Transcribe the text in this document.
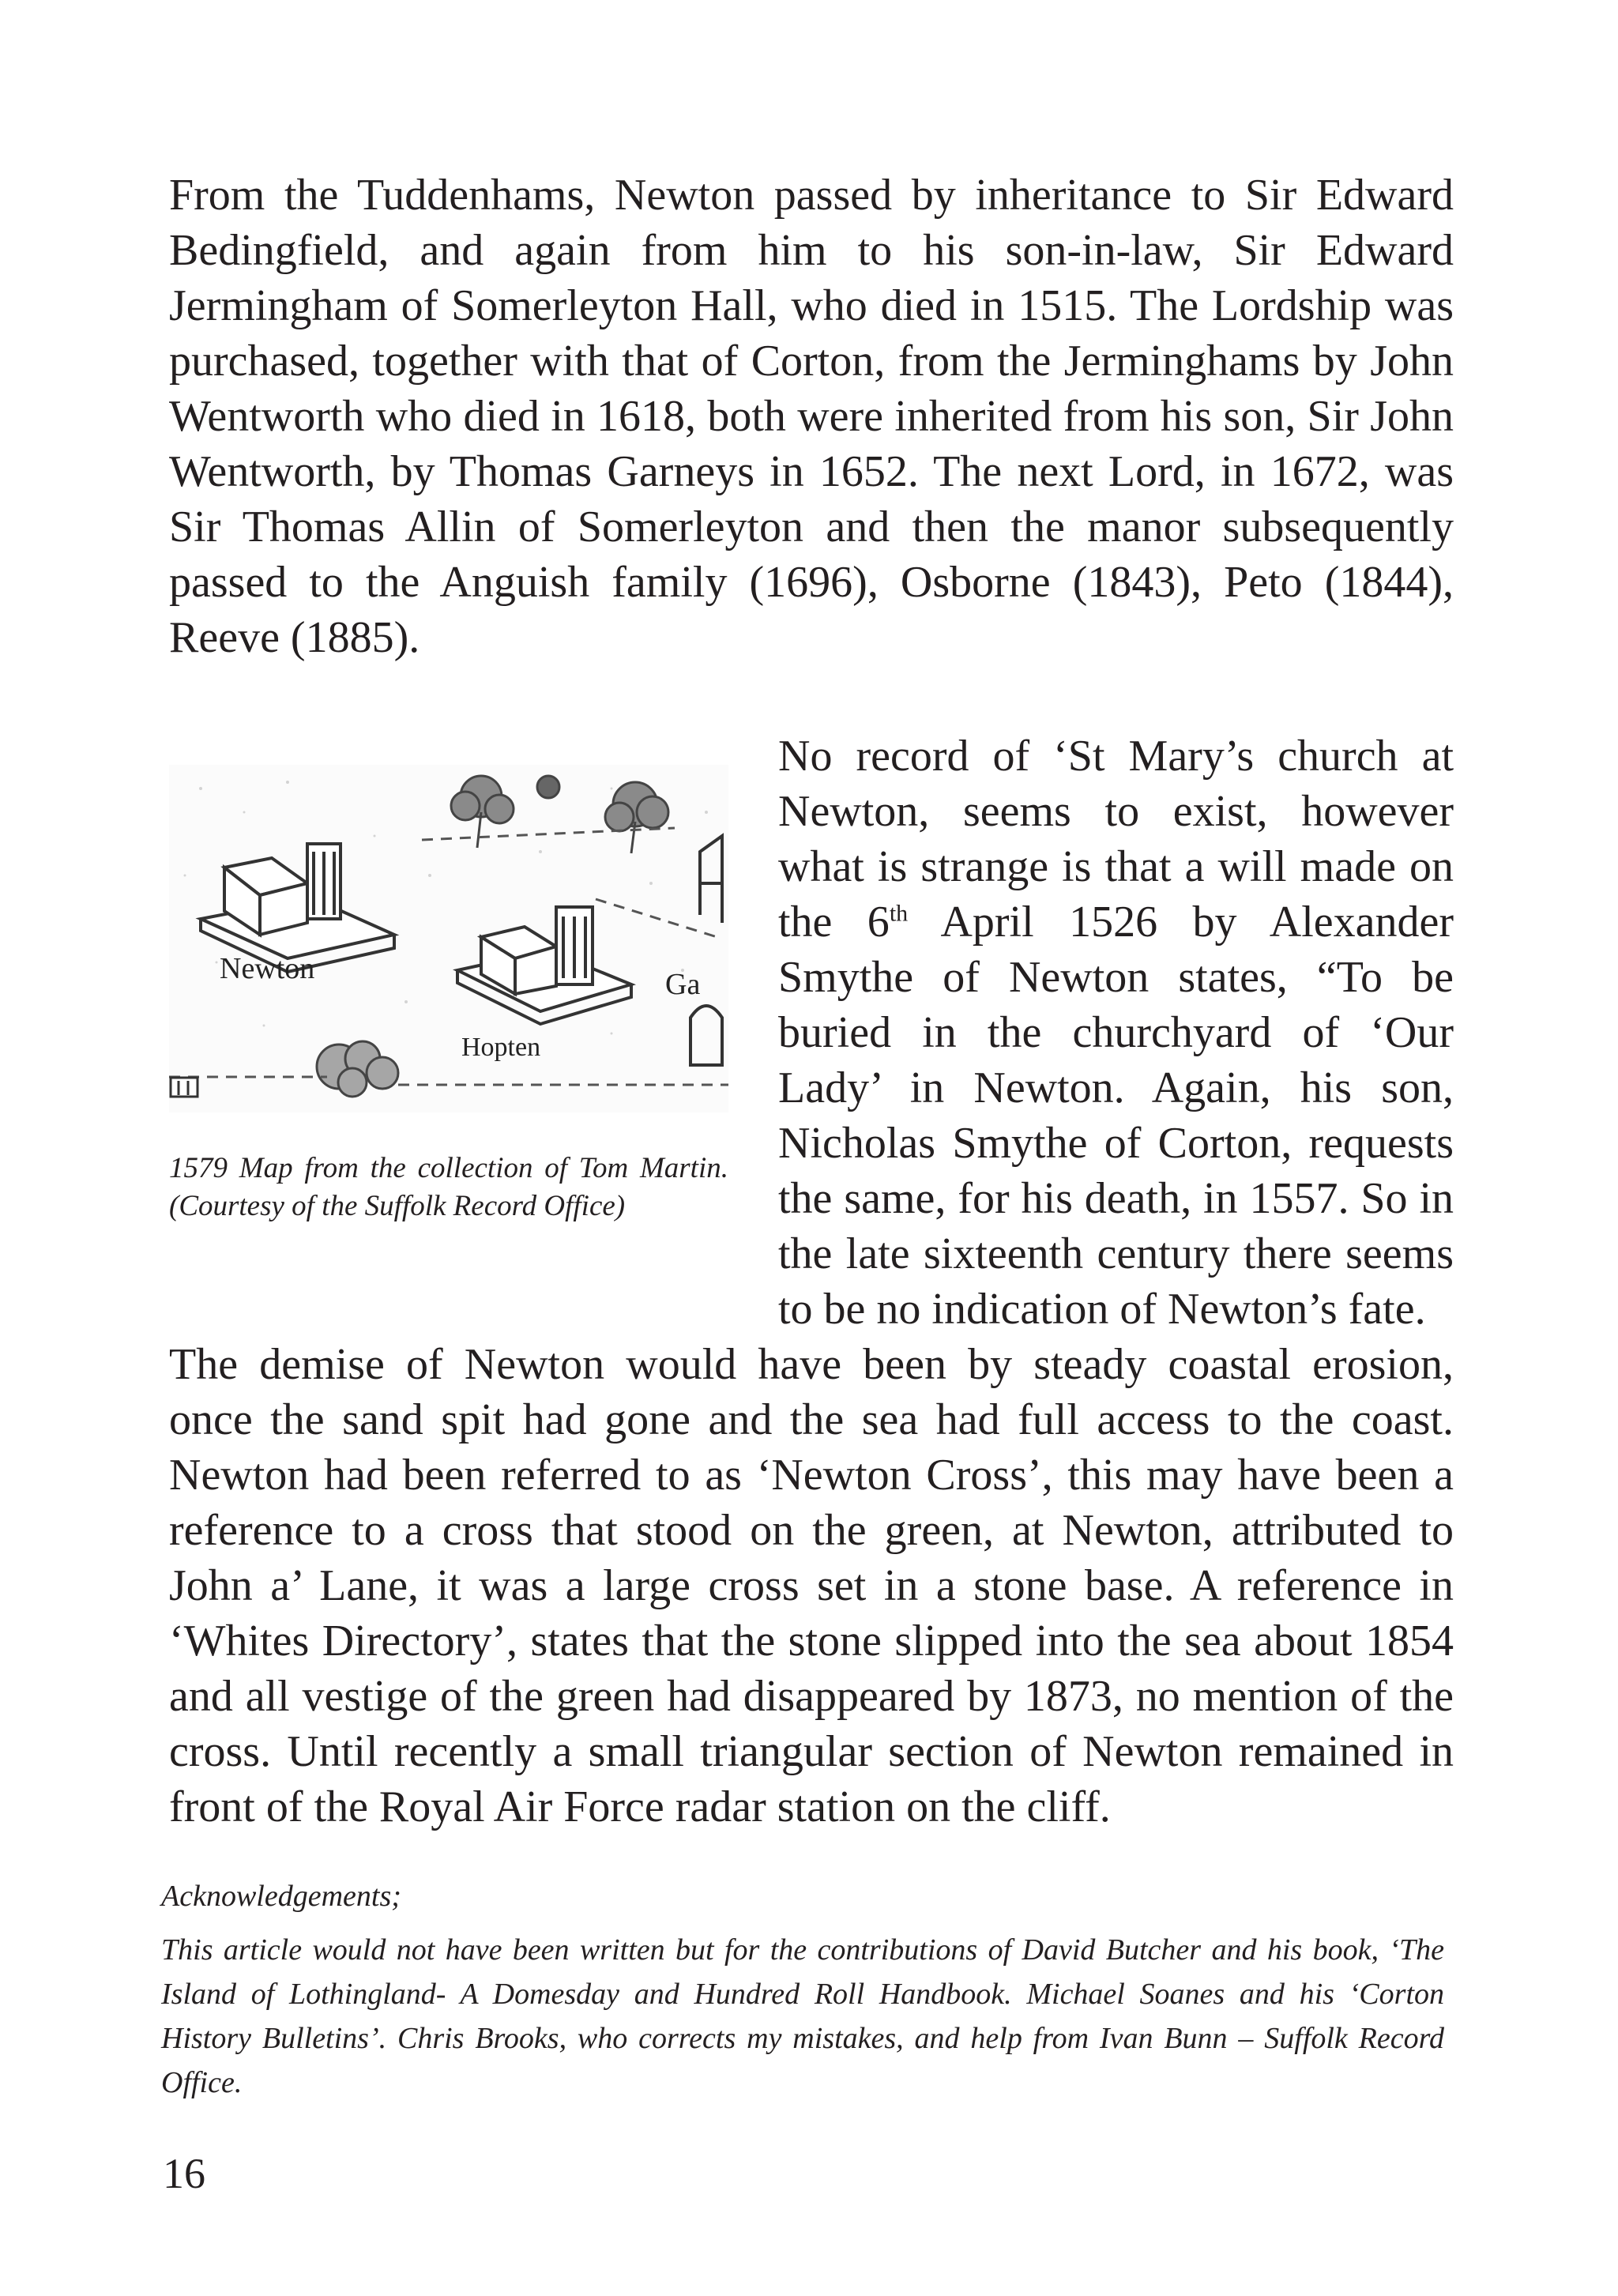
From the Tuddenhams, Newton passed by inheritance to Sir Edward Bedingfield, and again from him to his son-in-law, Sir Edward Jermingham of Somerleyton Hall, who died in 1515. The Lordship was purchased, together with that of Corton, from the Jerminghams by John Wentworth who died in 1618, both were inherited from his son, Sir John Wentworth, by Thomas Garneys in 1652. The next Lord, in 1672, was Sir Thomas Allin of Somerleyton and then the manor subsequently passed to the Anguish family (1696), Osborne (1843), Peto (1844), Reeve (1885).

Newton
Hopten
Ga

1579 Map from the collection of Tom Martin. (Courtesy of the Suffolk Record Office)

No record of ‘St Mary’s church at Newton, seems to exist, however what is strange is that a will made on the 6th April 1526 by Alexander Smythe of Newton states, “To be buried in the churchyard of ‘Our Lady’ in Newton. Again, his son, Nicholas Smythe of Corton, requests the same, for his death, in 1557. So in the late sixteenth century there seems to be no indication of Newton’s fate.

The demise of Newton would have been by steady coastal erosion,

once the sand spit had gone and the sea had full access to the coast. Newton had been referred to as ‘Newton Cross’, this may have been a reference to a cross that stood on the green, at Newton, attributed to John a’ Lane, it was a large cross set in a stone base. A reference in ‘Whites Directory’, states that the stone slipped into the sea about 1854 and all vestige of the green had disappeared by 1873, no mention of the cross. Until recently a small triangular section of Newton remained in front of the Royal Air Force radar station on the cliff.

Acknowledgements;

This article would not have been written but for the contributions of David Butcher and his book, ‘The Island of Lothingland- A Domesday and Hundred Roll Handbook. Michael Soanes and his ‘Corton History Bulletins’. Chris Brooks, who corrects my mistakes, and help from Ivan Bunn – Suffolk Record Office.

16
